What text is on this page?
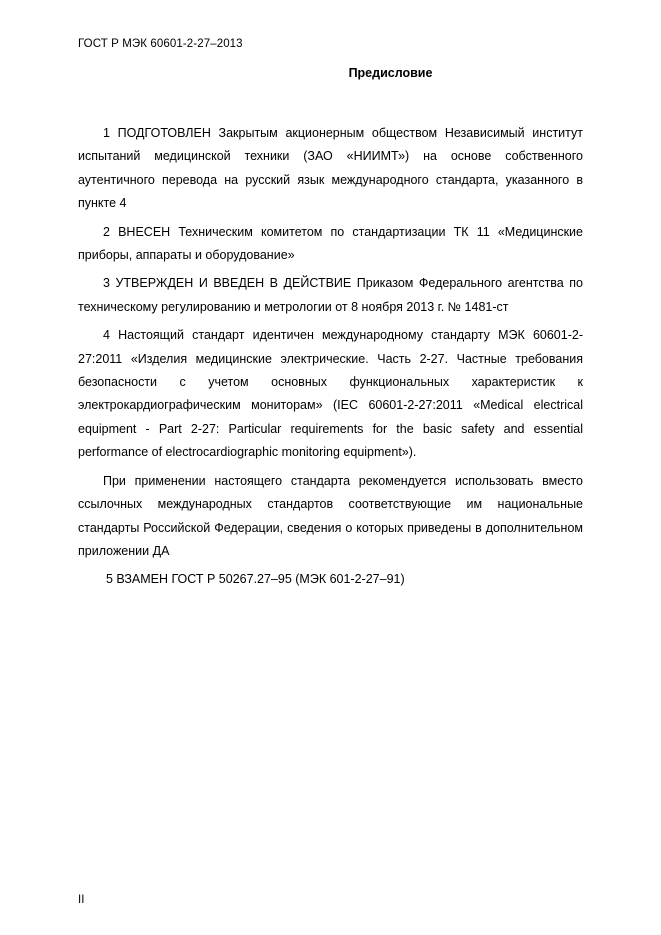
ГОСТ Р МЭК 60601-2-27–2013
Предисловие

1 ПОДГОТОВЛЕН Закрытым акционерным обществом Независимый институт испытаний медицинской техники (ЗАО «НИИМТ») на основе собственного аутентичного перевода на русский язык международного стандарта, указанного в пункте 4

2 ВНЕСЕН Техническим комитетом по стандартизации ТК 11 «Медицинские приборы, аппараты и оборудование»

3 УТВЕРЖДЕН И ВВЕДЕН В ДЕЙСТВИЕ Приказом Федерального агентства по техническому регулированию и метрологии от 8 ноября 2013 г. № 1481-ст

4 Настоящий стандарт идентичен международному стандарту МЭК 60601-2-27:2011 «Изделия медицинские электрические. Часть 2-27. Частные требования безопасности с учетом основных функциональных характеристик к электрокардиографическим мониторам» (IEC 60601-2-27:2011 «Medical electrical equipment - Part 2-27: Particular requirements for the basic safety and essential performance of electrocardiographic monitoring equipment»).

При применении настоящего стандарта рекомендуется использовать вместо ссылочных международных стандартов соответствующие им национальные стандарты Российской Федерации, сведения о которых приведены в дополнительном приложении ДА

5 ВЗАМЕН ГОСТ Р 50267.27–95 (МЭК 601-2-27–91)

II
